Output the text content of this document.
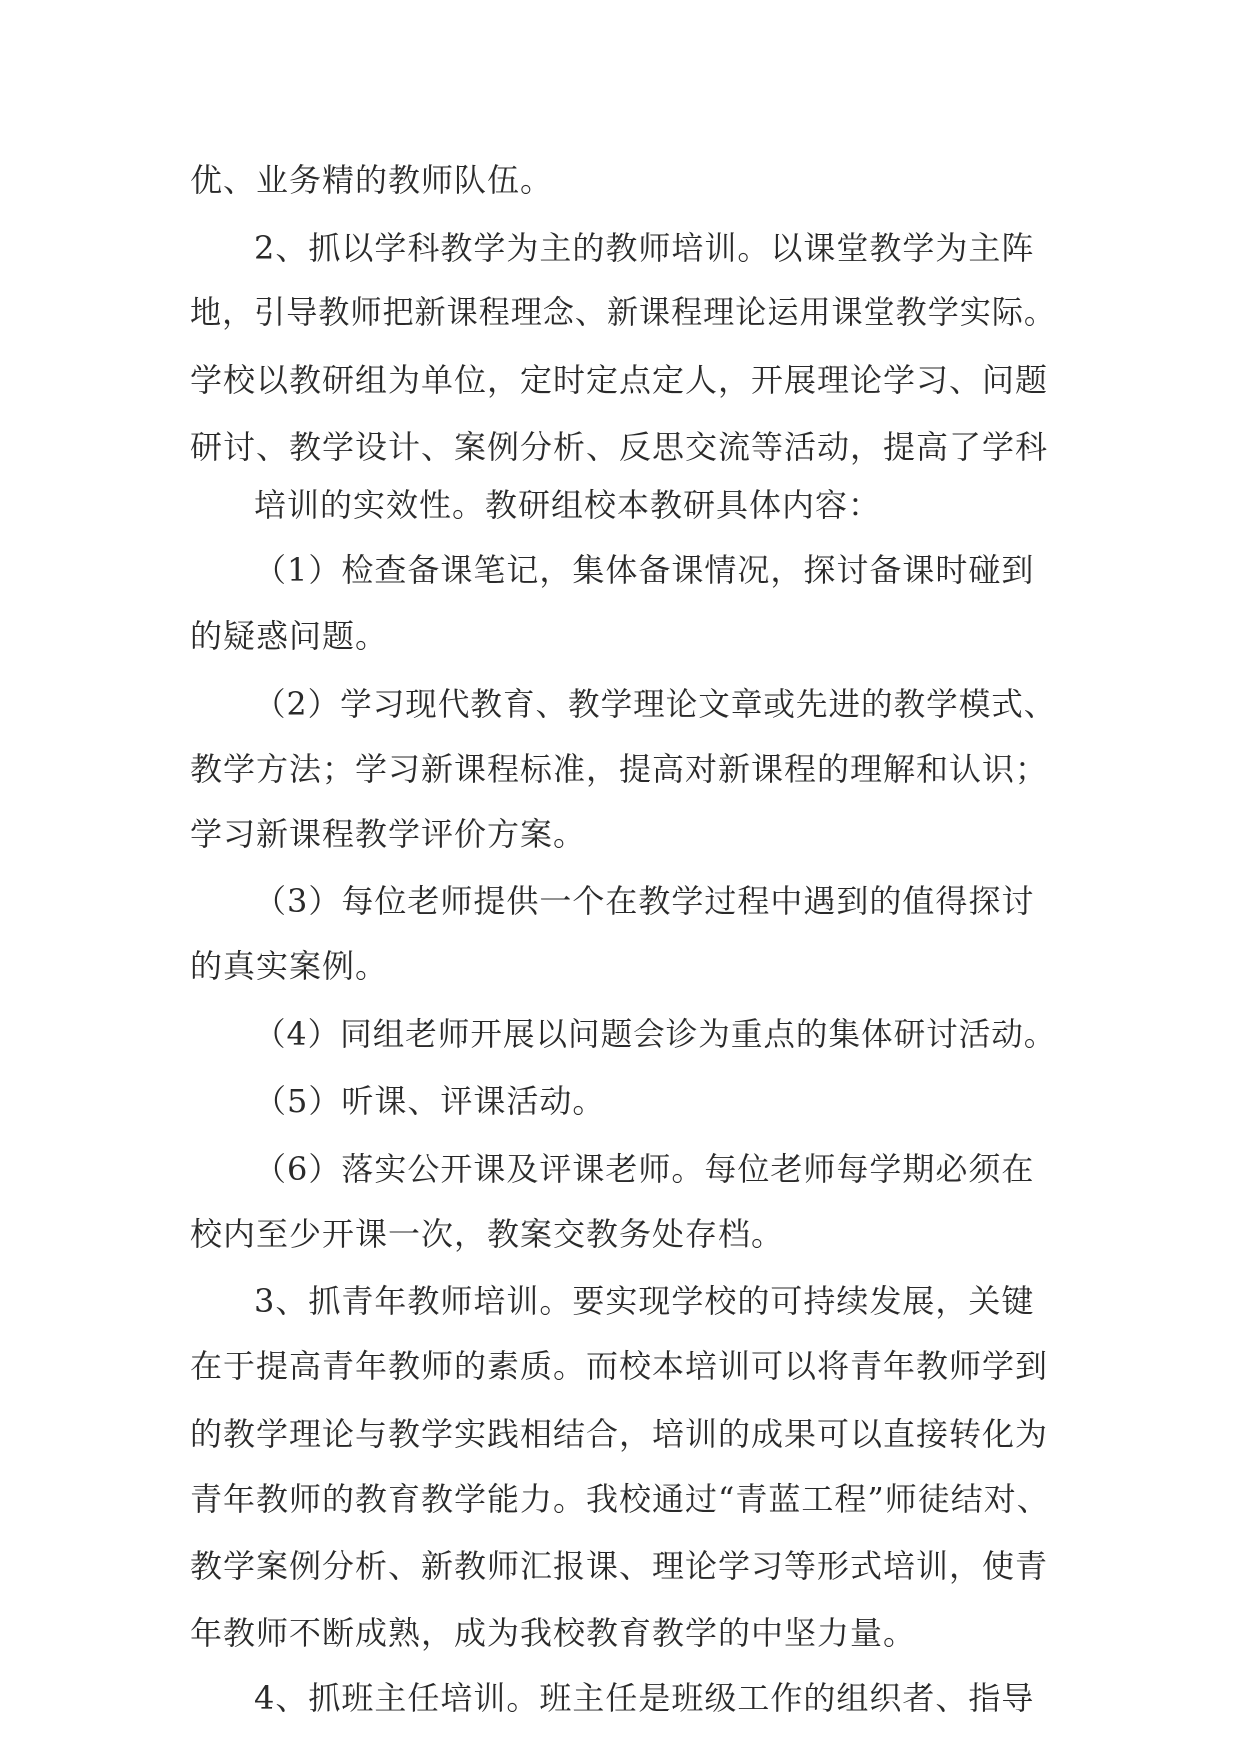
优、业务精的教师队伍。
2、抓以学科教学为主的教师培训。以课堂教学为主阵
地，引导教师把新课程理念、新课程理论运用课堂教学实际。
学校以教研组为单位，定时定点定人，开展理论学习、问题
研讨、教学设计、案例分析、反思交流等活动，提高了学科
培训的实效性。教研组校本教研具体内容：
（1）检查备课笔记，集体备课情况，探讨备课时碰到
的疑惑问题。
（2）学习现代教育、教学理论文章或先进的教学模式、
教学方法；学习新课程标准，提高对新课程的理解和认识；
学习新课程教学评价方案。
（3）每位老师提供一个在教学过程中遇到的值得探讨
的真实案例。
（4）同组老师开展以问题会诊为重点的集体研讨活动。
（5）听课、评课活动。
（6）落实公开课及评课老师。每位老师每学期必须在
校内至少开课一次，教案交教务处存档。
3、抓青年教师培训。要实现学校的可持续发展，关键
在于提高青年教师的素质。而校本培训可以将青年教师学到
的教学理论与教学实践相结合，培训的成果可以直接转化为
青年教师的教育教学能力。我校通过“青蓝工程”师徒结对、
教学案例分析、新教师汇报课、理论学习等形式培训，使青
年教师不断成熟，成为我校教育教学的中坚力量。
4、抓班主任培训。班主任是班级工作的组织者、指导
